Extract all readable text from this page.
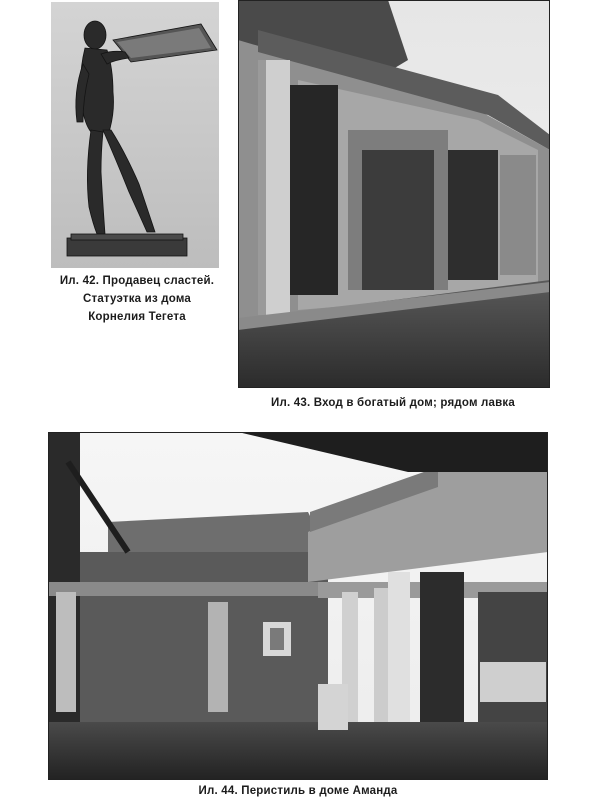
Ил. 42. Продавец сластей.
Статуэтка из дома
Корнелия Тегета
Ил. 43. Вход в богатый дом; рядом лавка
Ил. 44. Перистиль в доме Аманда
